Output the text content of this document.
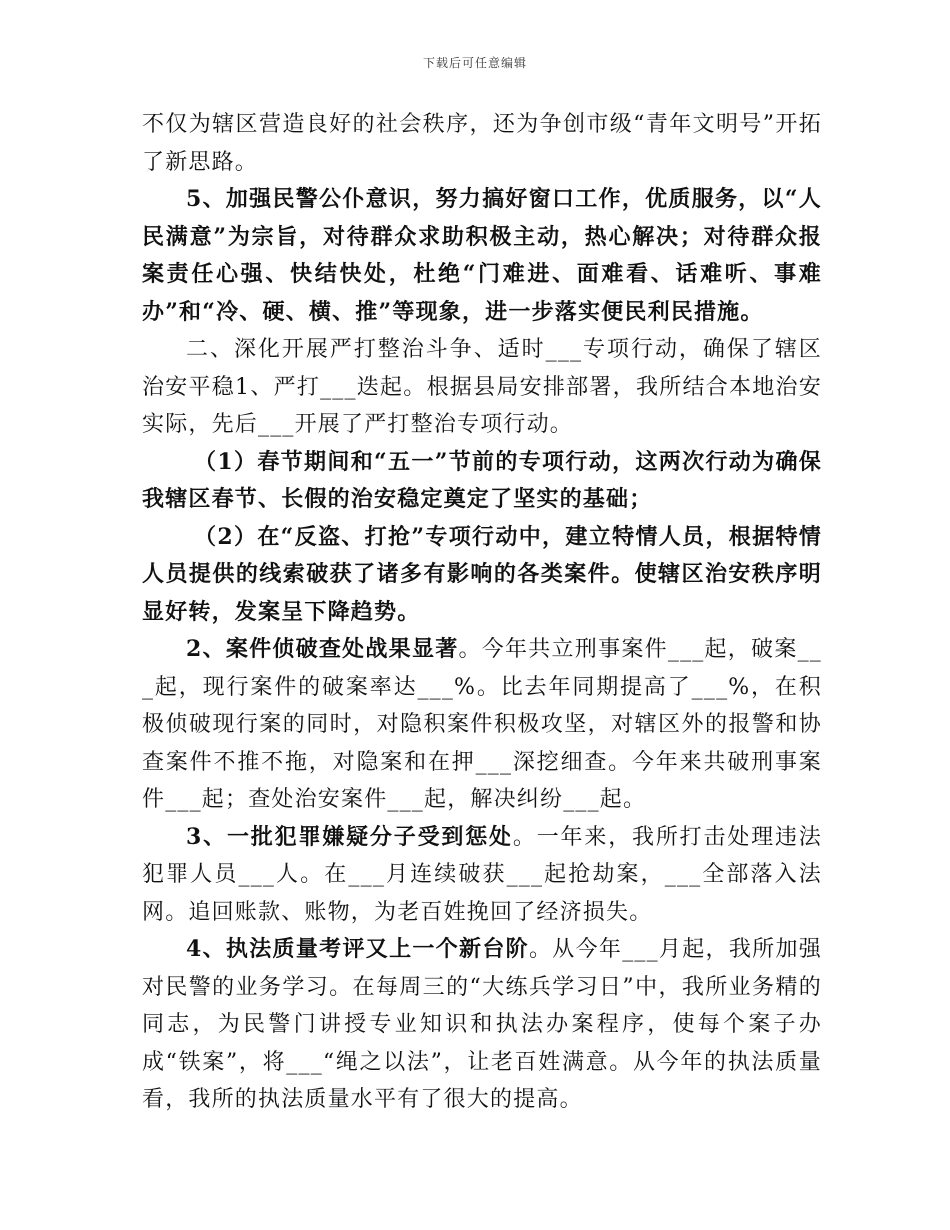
下载后可任意编辑

不仅为辖区营造良好的社会秩序，还为争创市级“青年文明号”开拓了新思路。

5、加强民警公仆意识，努力搞好窗口工作，优质服务，以“人民满意”为宗旨，对待群众求助积极主动，热心解决；对待群众报案责任心强、快结快处，杜绝“门难进、面难看、话难听、事难办”和“冷、硬、横、推”等现象，进一步落实便民利民措施。

二、深化开展严打整治斗争、适时___专项行动，确保了辖区治安平稳1、严打___迭起。根据县局安排部署，我所结合本地治安实际，先后___开展了严打整治专项行动。

（1）春节期间和“五一”节前的专项行动，这两次行动为确保我辖区春节、长假的治安稳定奠定了坚实的基础；

（2）在“反盗、打抢”专项行动中，建立特情人员，根据特情人员提供的线索破获了诸多有影响的各类案件。使辖区治安秩序明显好转，发案呈下降趋势。

2、案件侦破查处战果显著。今年共立刑事案件___起，破案___起，现行案件的破案率达___%。比去年同期提高了___%，在积极侦破现行案的同时，对隐积案件积极攻坚，对辖区外的报警和协查案件不推不拖，对隐案和在押___深挖细查。今年来共破刑事案件___起；查处治安案件___起，解决纠纷___起。

3、一批犯罪嫌疑分子受到惩处。一年来，我所打击处理违法犯罪人员___人。在___月连续破获___起抢劫案，___全部落入法网。追回账款、账物，为老百姓挽回了经济损失。

4、执法质量考评又上一个新台阶。从今年___月起，我所加强对民警的业务学习。在每周三的“大练兵学习日”中，我所业务精的同志，为民警门讲授专业知识和执法办案程序，使每个案子办成“铁案”，将___“绳之以法”，让老百姓满意。从今年的执法质量看，我所的执法质量水平有了很大的提高。
